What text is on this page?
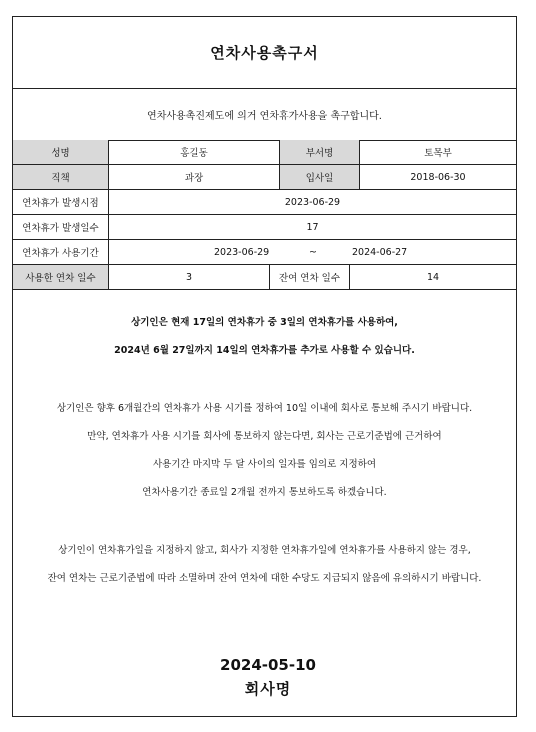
연차사용촉구서
연차사용촉진제도에 의거 연차휴가사용을 촉구합니다.
성명	홍길동	부서명	토목부
직책	과장	입사일	2018-06-30
연차휴가 발생시점	2023-06-29
연차휴가 발생일수	17
연차휴가 사용기간	2023-06-29	~	2024-06-27
사용한 연차 일수	3	잔여 연차 일수	14
상기인은 현재 17일의 연차휴가 중 3일의 연차휴가를 사용하여,
2024년 6월 27일까지 14일의 연차휴가를 추가로 사용할 수 있습니다.
상기인은 향후 6개월간의 연차휴가 사용 시기를 정하여 10일 이내에 회사로 통보해 주시기 바랍니다.
만약, 연차휴가 사용 시기를 회사에 통보하지 않는다면, 회사는 근로기준법에 근거하여
사용기간 마지막 두 달 사이의 일자를 임의로 지정하여
연차사용기간 종료일 2개월 전까지 통보하도록 하겠습니다.
상기인이 연차휴가일을 지정하지 않고, 회사가 지정한 연차휴가일에 연차휴가를 사용하지 않는 경우,
잔여 연차는 근로기준법에 따라 소멸하며 잔여 연차에 대한 수당도 지급되지 않음에 유의하시기 바랍니다.
2024-05-10
회사명
